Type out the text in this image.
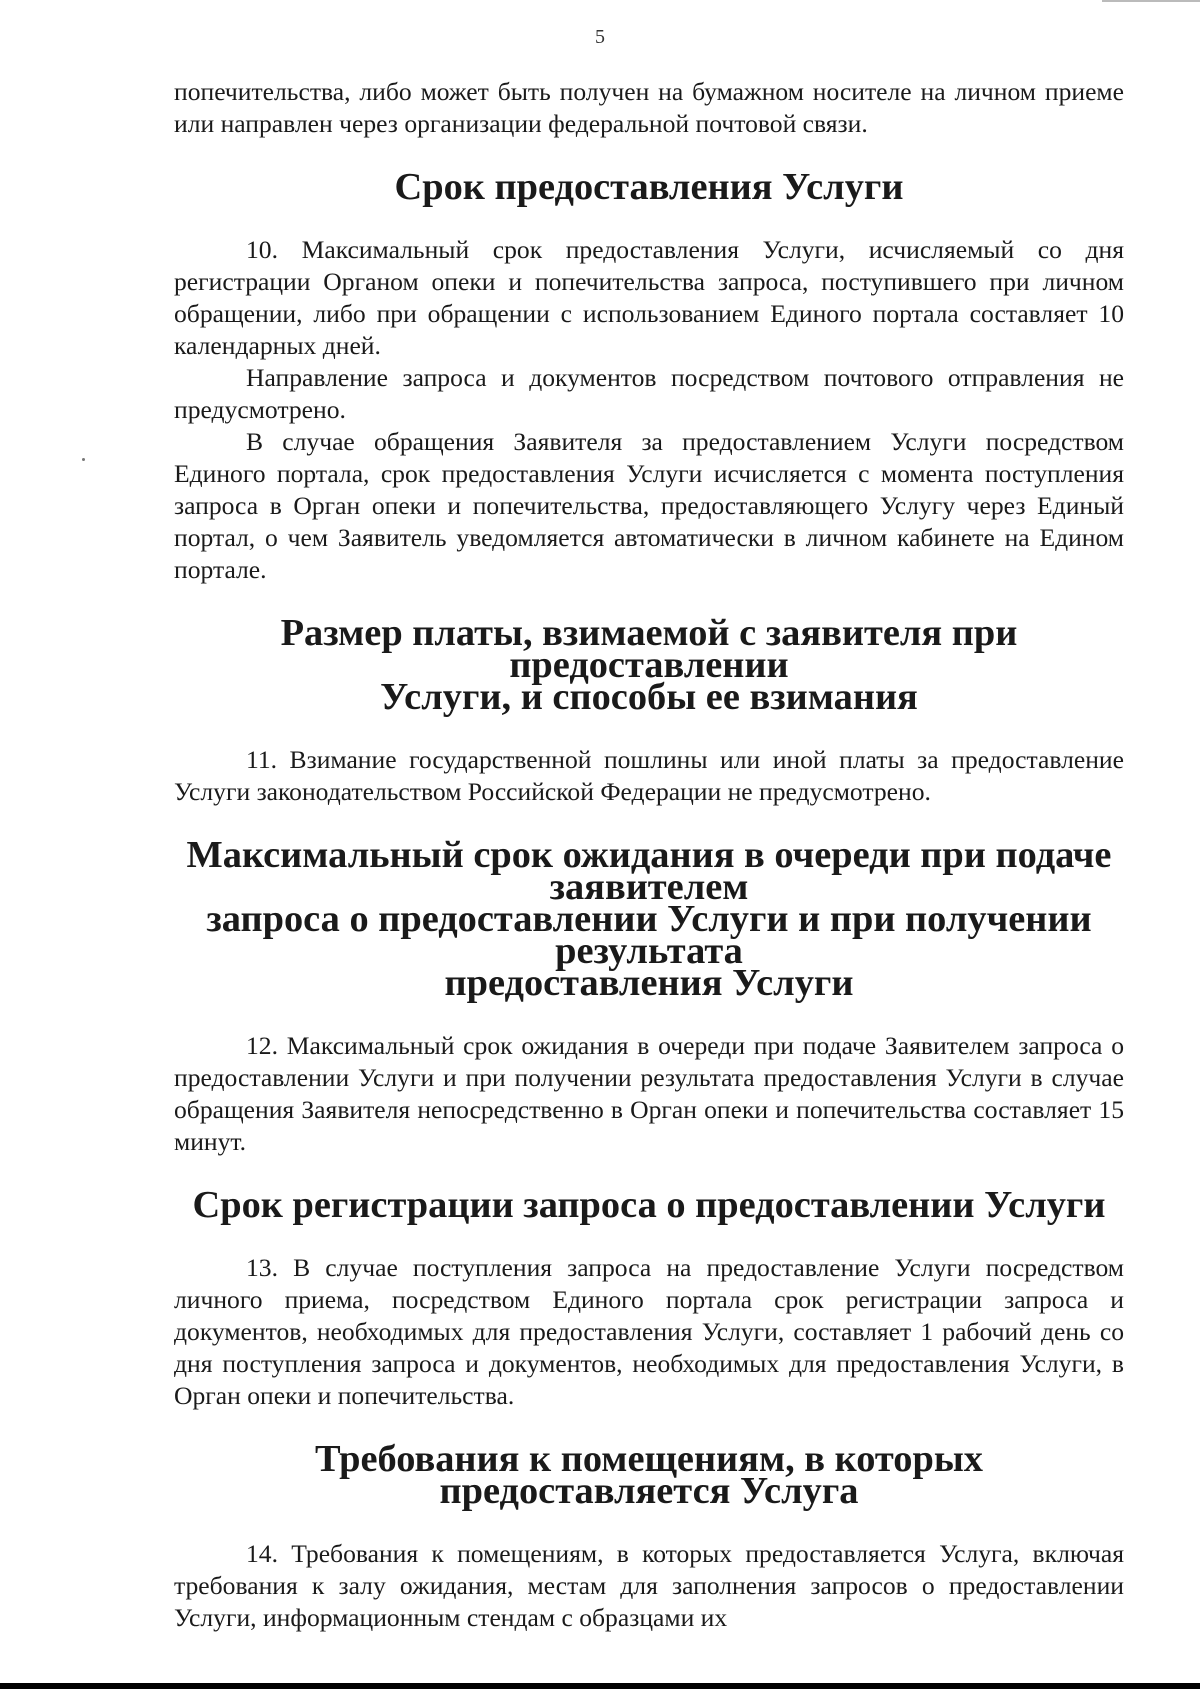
5

попечительства, либо может быть получен на бумажном носителе на личном приеме или направлен через организации федеральной почтовой связи.

Срок предоставления Услуги

10. Максимальный срок предоставления Услуги, исчисляемый со дня регистрации Органом опеки и попечительства запроса, поступившего при личном обращении, либо при обращении с использованием Единого портала составляет 10 календарных дней.

Направление запроса и документов посредством почтового отправления не предусмотрено.

В случае обращения Заявителя за предоставлением Услуги посредством Единого портала, срок предоставления Услуги исчисляется с момента поступления запроса в Орган опеки и попечительства, предоставляющего Услугу через Единый портал, о чем Заявитель уведомляется автоматически в личном кабинете на Едином портале.

Размер платы, взимаемой с заявителя при предоставлении
Услуги, и способы ее взимания

11. Взимание государственной пошлины или иной платы за предоставление Услуги законодательством Российской Федерации не предусмотрено.

Максимальный срок ожидания в очереди при подаче заявителем
запроса о предоставлении Услуги и при получении результата
предоставления Услуги

12. Максимальный срок ожидания в очереди при подаче Заявителем запроса о предоставлении Услуги и при получении результата предоставления Услуги в случае обращения Заявителя непосредственно в Орган опеки и попечительства составляет 15 минут.

Срок регистрации запроса о предоставлении Услуги

13. В случае поступления запроса на предоставление Услуги посредством личного приема, посредством Единого портала срок регистрации запроса и документов, необходимых для предоставления Услуги, составляет 1 рабочий день со дня поступления запроса и документов, необходимых для предоставления Услуги, в Орган опеки и попечительства.

Требования к помещениям, в которых предоставляется Услуга

14. Требования к помещениям, в которых предоставляется Услуга, включая требования к залу ожидания, местам для заполнения запросов о предоставлении Услуги, информационным стендам с образцами их
